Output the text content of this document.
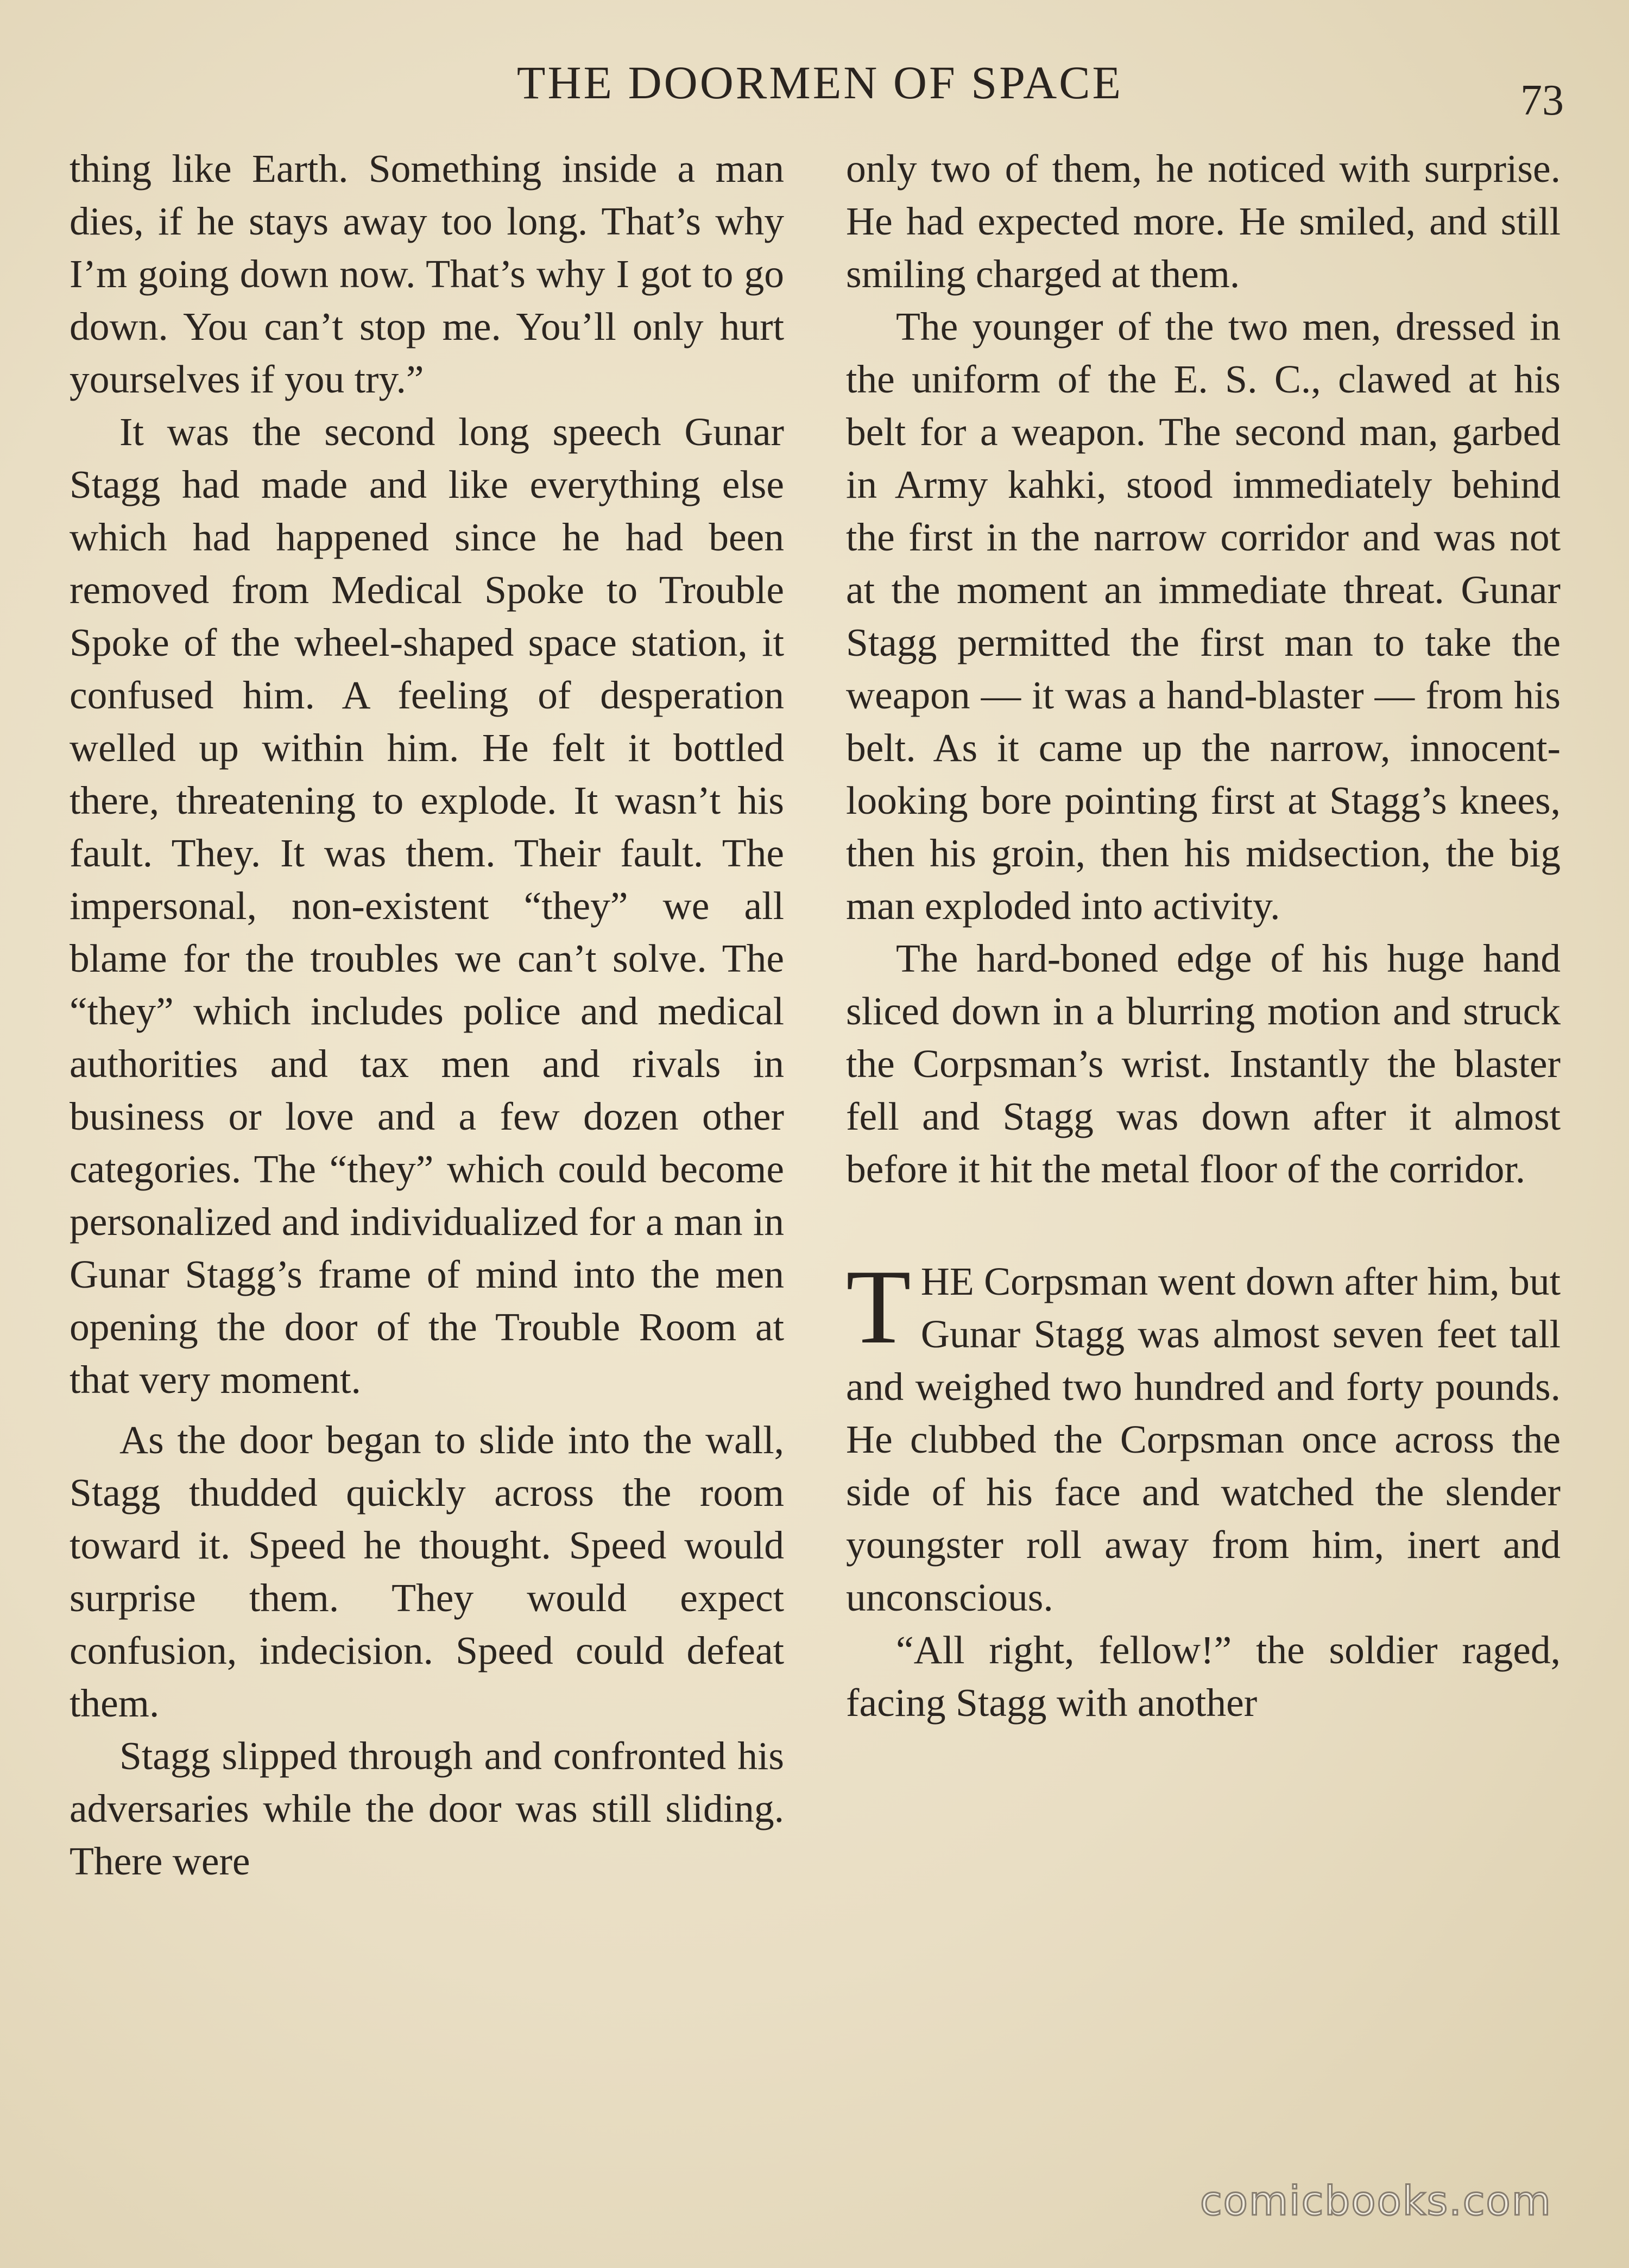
THE DOORMEN OF SPACE	73

thing like Earth. Something inside a man dies, if he stays away too long. That’s why I’m going down now. That’s why I got to go down. You can’t stop me. You’ll only hurt yourselves if you try.”

It was the second long speech Gunar Stagg had made and like everything else which had happened since he had been removed from Medical Spoke to Trouble Spoke of the wheel-shaped space station, it confused him. A feeling of desperation welled up within him. He felt it bottled there, threatening to explode. It wasn’t his fault. They. It was them. Their fault. The impersonal, non-existent “they” we all blame for the troubles we can’t solve. The “they” which includes police and medical authorities and tax men and rivals in business or love and a few dozen other categories. The “they” which could become personalized and individualized for a man in Gunar Stagg’s frame of mind into the men opening the door of the Trouble Room at that very moment.

As the door began to slide into the wall, Stagg thudded quickly across the room toward it. Speed he thought. Speed would surprise them. They would expect confusion, indecision. Speed could defeat them.

Stagg slipped through and confronted his adversaries while the door was still sliding. There were

only two of them, he noticed with surprise. He had expected more. He smiled, and still smiling charged at them.

The younger of the two men, dressed in the uniform of the E. S. C., clawed at his belt for a weapon. The second man, garbed in Army kahki, stood immediately behind the first in the narrow corridor and was not at the moment an immediate threat. Gunar Stagg permitted the first man to take the weapon — it was a hand-blaster — from his belt. As it came up the narrow, innocent-looking bore pointing first at Stagg’s knees, then his groin, then his midsection, the big man exploded into activity.

The hard-boned edge of his huge hand sliced down in a blurring motion and struck the Corpsman’s wrist. Instantly the blaster fell and Stagg was down after it almost before it hit the metal floor of the corridor.

THE Corpsman went down after him, but Gunar Stagg was almost seven feet tall and weighed two hundred and forty pounds. He clubbed the Corpsman once across the side of his face and watched the slender youngster roll away from him, inert and unconscious.

“All right, fellow!” the soldier raged, facing Stagg with another

comicbooks.com
